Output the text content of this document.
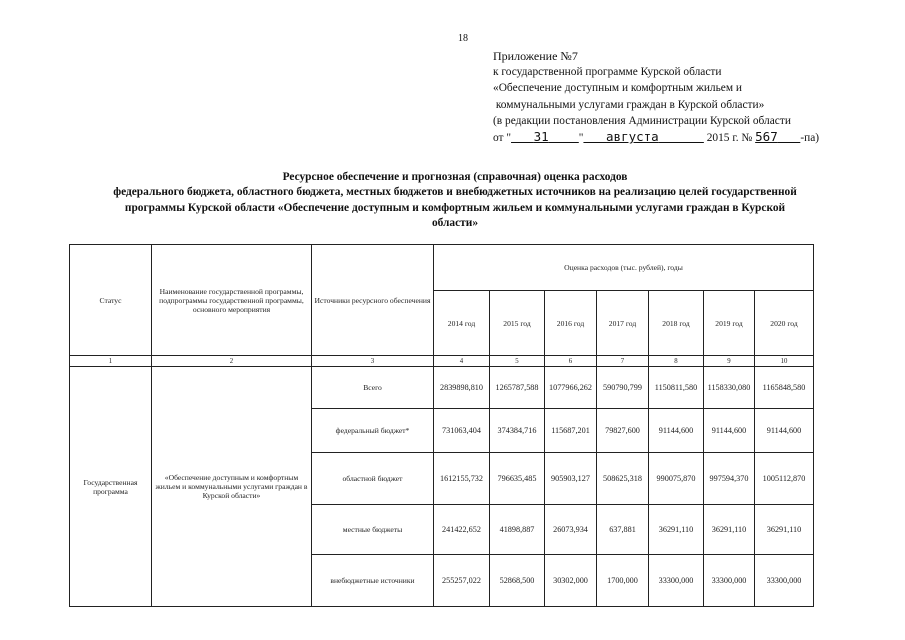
18
Приложение №7
к государственной программе Курской области
«Обеспечение доступным и комфортным жильем и
коммунальными услугами граждан в Курской области»
(в редакции постановления Администрации Курской области
от " 31	" августа	2015 г. № 567 -па)
Ресурсное обеспечение и прогнозная (справочная) оценка расходов
федерального бюджета, областного бюджета, местных бюджетов и внебюджетных источников на реализацию целей государственной
программы Курской области «Обеспечение доступным и комфортным жильем и коммунальными услугами граждан в Курской
области»
Статус	Наименование государственной программы, подпрограммы государственной программы, основного мероприятия	Источники ресурсного обеспечения	Оценка расходов (тыс. рублей), годы						
			2014 год	2015 год	2016 год	2017 год	2018 год	2019 год	2020 год
1	2	3	4	5	6	7	8	9	10
Государственная программа	«Обеспечение доступным и комфортным жильем и коммунальными услугами граждан в Курской области»	Всего	2839898,810	1265787,588	1077966,262	590790,799	1150811,580	1158330,080	1165848,580
		федеральный бюджет*	731063,404	374384,716	115687,201	79827,600	91144,600	91144,600	91144,600
		областной бюджет	1612155,732	796635,485	905903,127	508625,318	990075,870	997594,370	1005112,870
		местные бюджеты	241422,652	41898,887	26073,934	637,881	36291,110	36291,110	36291,110
		внебюджетные источники	255257,022	52868,500	30302,000	1700,000	33300,000	33300,000	33300,000
